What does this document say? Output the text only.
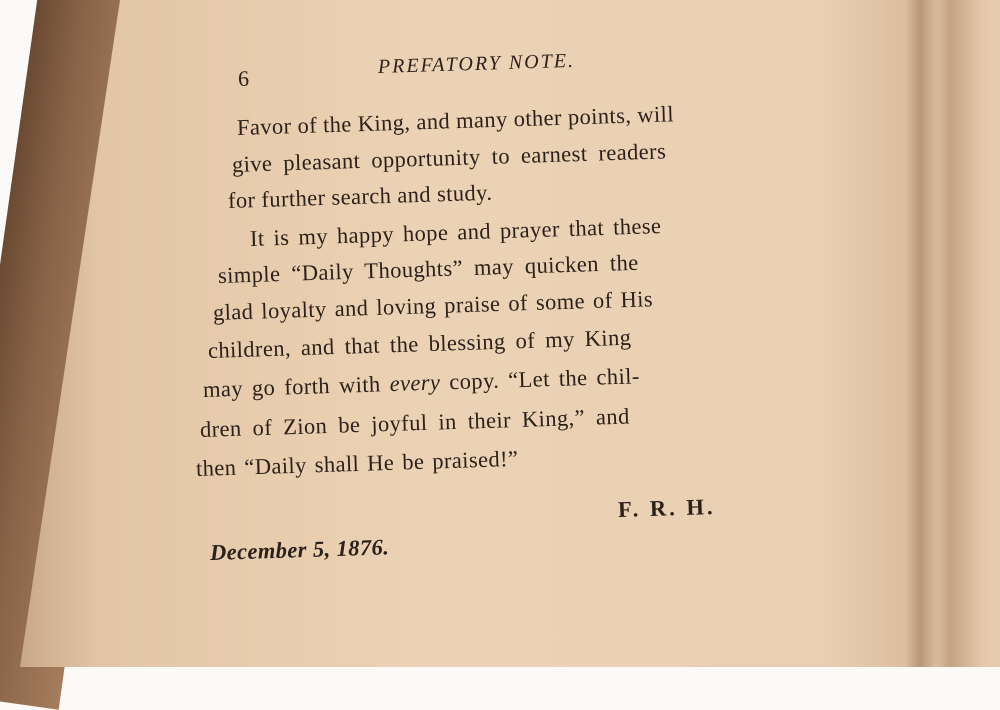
6
PREFATORY NOTE.
Favor of the King, and many other points, will
give pleasant opportunity to earnest readers
for further search and study.
It is my happy hope and prayer that these
simple “Daily Thoughts” may quicken the
glad loyalty and loving praise of some of His
children, and that the blessing of my King
may go forth with every copy. “Let the chil-
dren of Zion be joyful in their King,” and
then “Daily shall He be praised!”
F. R. H.
December 5, 1876.
